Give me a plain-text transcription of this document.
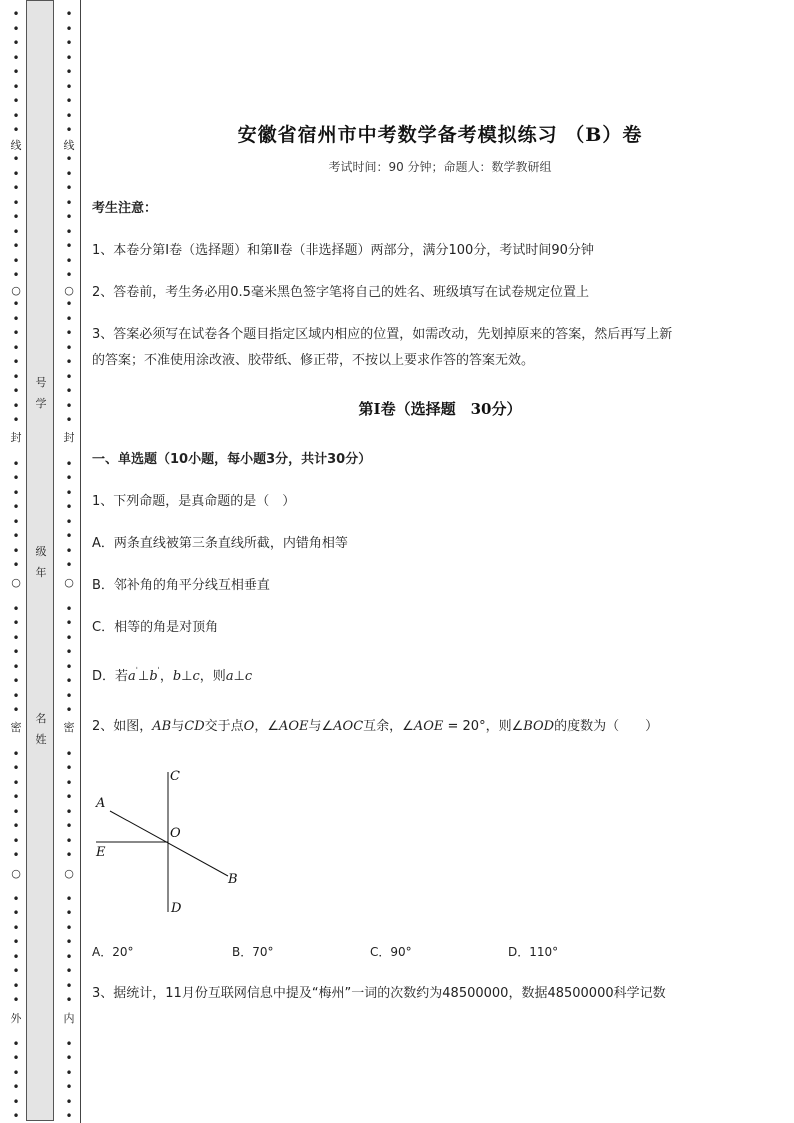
•
•
•
•
•
•
•
•
•
•
•
•
•
•
•
•
•
•
•
•
•
•
•
•
•
•
•
•
•
•
•
•
•
•
•
•
•
•
•
•
•
•
•
•
•
•
•
•
•
•
•
•
•
•
•
•
•
•
•
•
•
•
•
•
•
线
○
封
○
密
○
外
号
学
级
年
名
姓
•
•
•
•
•
•
•
•
•
•
•
•
•
•
•
•
•
•
•
•
•
•
•
•
•
•
•
•
•
•
•
•
•
•
•
•
•
•
•
•
•
•
•
•
•
•
•
•
•
•
•
•
•
•
•
•
•
•
•
•
•
•
•
•
•
线
○
封
○
密
○
内
安徽省宿州市中考数学备考模拟练习 （B）卷
考试时间：90 分钟；命题人：数学教研组
考生注意：
1、本卷分第Ⅰ卷（选择题）和第Ⅱ卷（非选择题）两部分，满分100分，考试时间90分钟
2、答卷前，考生务必用0.5毫米黑色签字笔将自己的姓名、班级填写在试卷规定位置上
3、答案必须写在试卷各个题目指定区域内相应的位置，如需改动，先划掉原来的答案，然后再写上新
的答案；不准使用涂改液、胶带纸、修正带，不按以上要求作答的答案无效。
第Ⅰ卷（选择题　30分）
一、单选题（10小题，每小题3分，共计30分）
1、下列命题，是真命题的是（　）
A．两条直线被第三条直线所截，内错角相等
B．邻补角的角平分线互相垂直
C．相等的角是对顶角
D．若$a^ˈ\perp b^ˈ$，b⊥c，则a⊥c
2、如图，AB与CD交于点O，∠AOE与∠AOC互余，∠AOE = 20°，则∠BOD的度数为（　　）
C
A
O
E
B
D
A．20°	B．70°	C．90°	D．110°
3、据统计，11月份互联网信息中提及“梅州”一词的次数约为48500000，数据48500000科学记数
